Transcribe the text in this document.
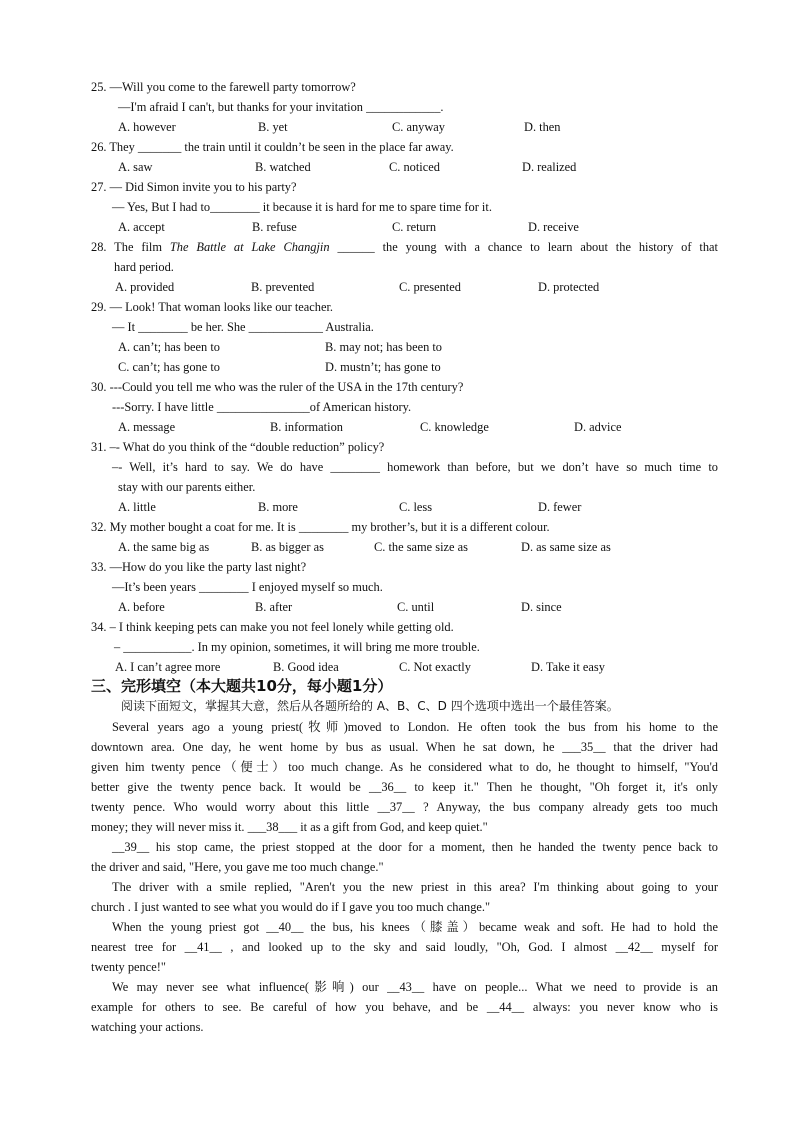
25. —Will you come to the farewell party tomorrow?
—I'm afraid I can't, but thanks for your invitation ____________.
A. however	B. yet	C. anyway	D. then
26. They _______ the train until it couldn’t be seen in the place far away.
A. saw	B. watched	C. noticed	D. realized
27. — Did Simon invite you to his party?
— Yes, But I had to________ it because it is hard for me to spare time for it.
A. accept	B. refuse	C. return	D. receive
28. The film The Battle at Lake Changjin ______ the young with a chance to learn about the history of that
hard period.
A. provided	B. prevented	C. presented	D. protected
29. — Look! That woman looks like our teacher.
— It ________ be her. She ____________ Australia.
A. can’t; has been to	B. may not; has been to
C. can’t; has gone to	D. mustn’t; has gone to
30. ---Could you tell me who was the ruler of the USA in the 17th century?
---Sorry. I have little _______________of American history.
A. message	B. information	C. knowledge	D. advice
31. –- What do you think of the “double reduction” policy?
–- Well, it’s hard to say. We do have ________ homework than before, but we don’t have so much time to
stay with our parents either.
A. little	B. more	C. less	D. fewer
32. My mother bought a coat for me. It is ________ my brother’s, but it is a different colour.
A. the same big as	B. as bigger as	C. the same size as	D. as same size as
33. —How do you like the party last night?
—It’s been years ________ I enjoyed myself so much.
A. before	B. after	C. until	D. since
34. – I think keeping pets can make you not feel lonely while getting old.
– ___________. In my opinion, sometimes, it will bring me more trouble.
A. I can’t agree more	B. Good idea	C. Not exactly	D. Take it easy
三、完形填空（本大题共10分，每小题1分）
阅读下面短文，掌握其大意，然后从各题所给的 A、B、C、D 四个选项中选出一个最佳答案。
Several years ago a young priest(牧师)moved to London. He often took the bus from his home to the
downtown area. One day, he went home by bus as usual. When he sat down, he ___35__ that the driver had
given him twenty pence（便士）too much change. As he considered what to do, he thought to himself, "You'd
better give the twenty pence back. It would be __36__ to keep it." Then he thought, "Oh forget it, it's only
twenty pence. Who would worry about this little __37__ ? Anyway, the bus company already gets too much
money; they will never miss it. ___38___ it as a gift from God, and keep quiet."
__39__ his stop came, the priest stopped at the door for a moment, then he handed the twenty pence back to
the driver and said, "Here, you gave me too much change."
The driver with a smile replied, "Aren't you the new priest in this area? I'm thinking about going to your
church . I just wanted to see what you would do if I gave you too much change."
When the young priest got __40__ the bus, his knees（膝盖）became weak and soft. He had to hold the
nearest tree for __41__ , and looked up to the sky and said loudly, "Oh, God. I almost __42__ myself for
twenty pence!"
We may never see what influence(影响) our __43__ have on people... What we need to provide is an
example for others to see. Be careful of how you behave, and be __44__ always: you never know who is
watching your actions.
